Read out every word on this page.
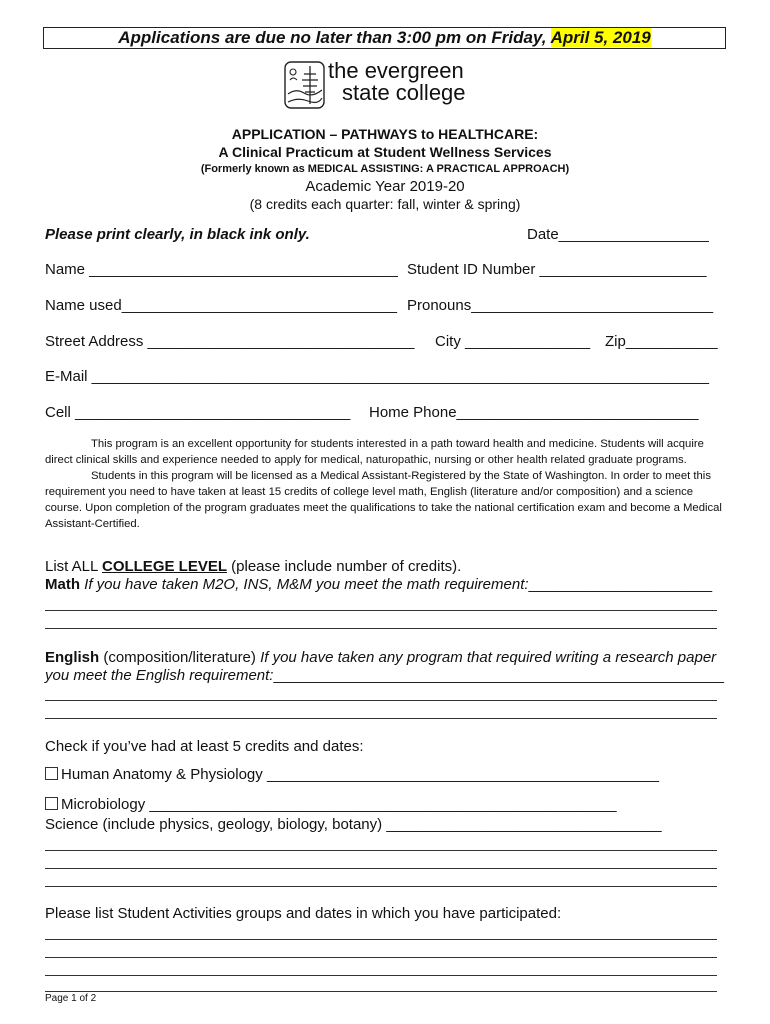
Applications are due no later than 3:00 pm on Friday, April 5, 2019
the evergreen
state college
APPLICATION – PATHWAYS to HEALTHCARE:
A Clinical Practicum at Student Wellness Services
(Formerly known as MEDICAL ASSISTING: A PRACTICAL APPROACH)
Academic Year 2019-20
(8 credits each quarter: fall, winter & spring)
Please print clearly, in black ink only.	Date__________________
Name _____________________________________ Student ID Number ____________________
Name used_________________________________ Pronouns_____________________________
Street Address ________________________________	City _______________ Zip___________
E-Mail __________________________________________________________________________
Cell _________________________________	Home Phone_____________________________

This program is an excellent opportunity for students interested in a path toward health and medicine. Students will acquire direct clinical skills and experience needed to apply for medical, naturopathic, nursing or other health related graduate programs.

Students in this program will be licensed as a Medical Assistant-Registered by the State of Washington. In order to meet this requirement you need to have taken at least 15 credits of college level math, English (literature and/or composition) and a science course. Upon completion of the program graduates meet the qualifications to take the national certification exam and become a Medical Assistant-Certified.

List ALL COLLEGE LEVEL (please include number of credits).
Math If you have taken M2O, INS, M&M you meet the math requirement:______________________
English (composition/literature) If you have taken any program that required writing a research paper
you meet the English requirement:______________________________________________________
Check if you’ve had at least 5 credits and dates:
Human Anatomy & Physiology _______________________________________________
Microbiology ________________________________________________________
Science (include physics, geology, biology, botany) _________________________________
Please list Student Activities groups and dates in which you have participated:
Page 1 of 2
